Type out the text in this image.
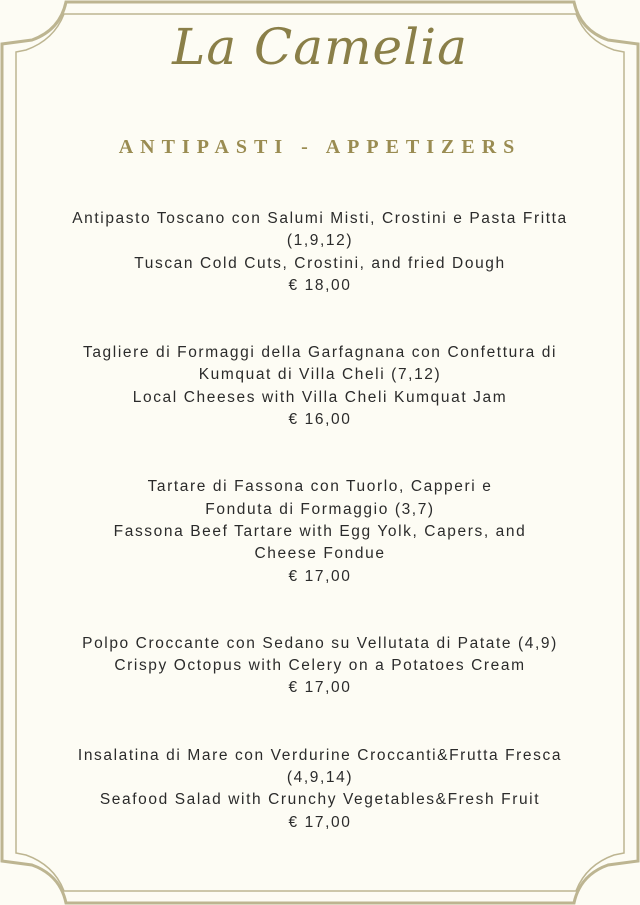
La Camelia
ANTIPASTI - APPETIZERS
Antipasto Toscano con Salumi Misti, Crostini e Pasta Fritta
(1,9,12)
Tuscan Cold Cuts, Crostini, and fried Dough
€ 18,00
Tagliere di Formaggi della Garfagnana con Confettura di
Kumquat di Villa Cheli (7,12)
Local Cheeses with Villa Cheli Kumquat Jam
€ 16,00
Tartare di Fassona con Tuorlo, Capperi e
Fonduta di Formaggio (3,7)
Fassona Beef Tartare with Egg Yolk, Capers, and
Cheese Fondue
€ 17,00
Polpo Croccante con Sedano su Vellutata di Patate (4,9)
Crispy Octopus with Celery on a Potatoes Cream
€ 17,00
Insalatina di Mare con Verdurine Croccanti&Frutta Fresca
(4,9,14)
Seafood Salad with Crunchy Vegetables&Fresh Fruit
€ 17,00
